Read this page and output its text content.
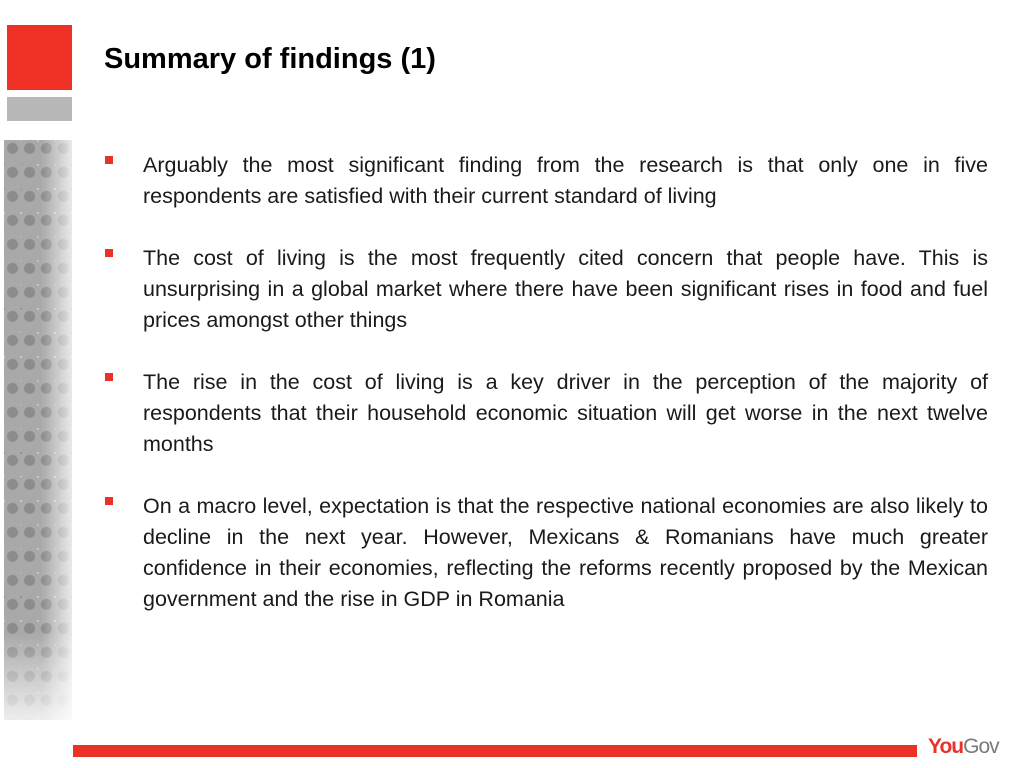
Summary of findings (1)
Arguably the most significant finding from the research is that only one in five respondents are satisfied with their current standard of living
The cost of living is the most frequently cited concern that people have. This is unsurprising in a global market where there have been significant rises in food and fuel prices amongst other things
The rise in the cost of living is a key driver in the perception of the majority of respondents that their household economic situation will get worse in the next twelve months
On a macro level, expectation is that the respective national economies are also likely to decline in the next year. However, Mexicans & Romanians have much greater confidence in their economies, reflecting the reforms recently proposed by the Mexican government and the rise in GDP in Romania
YouGov
